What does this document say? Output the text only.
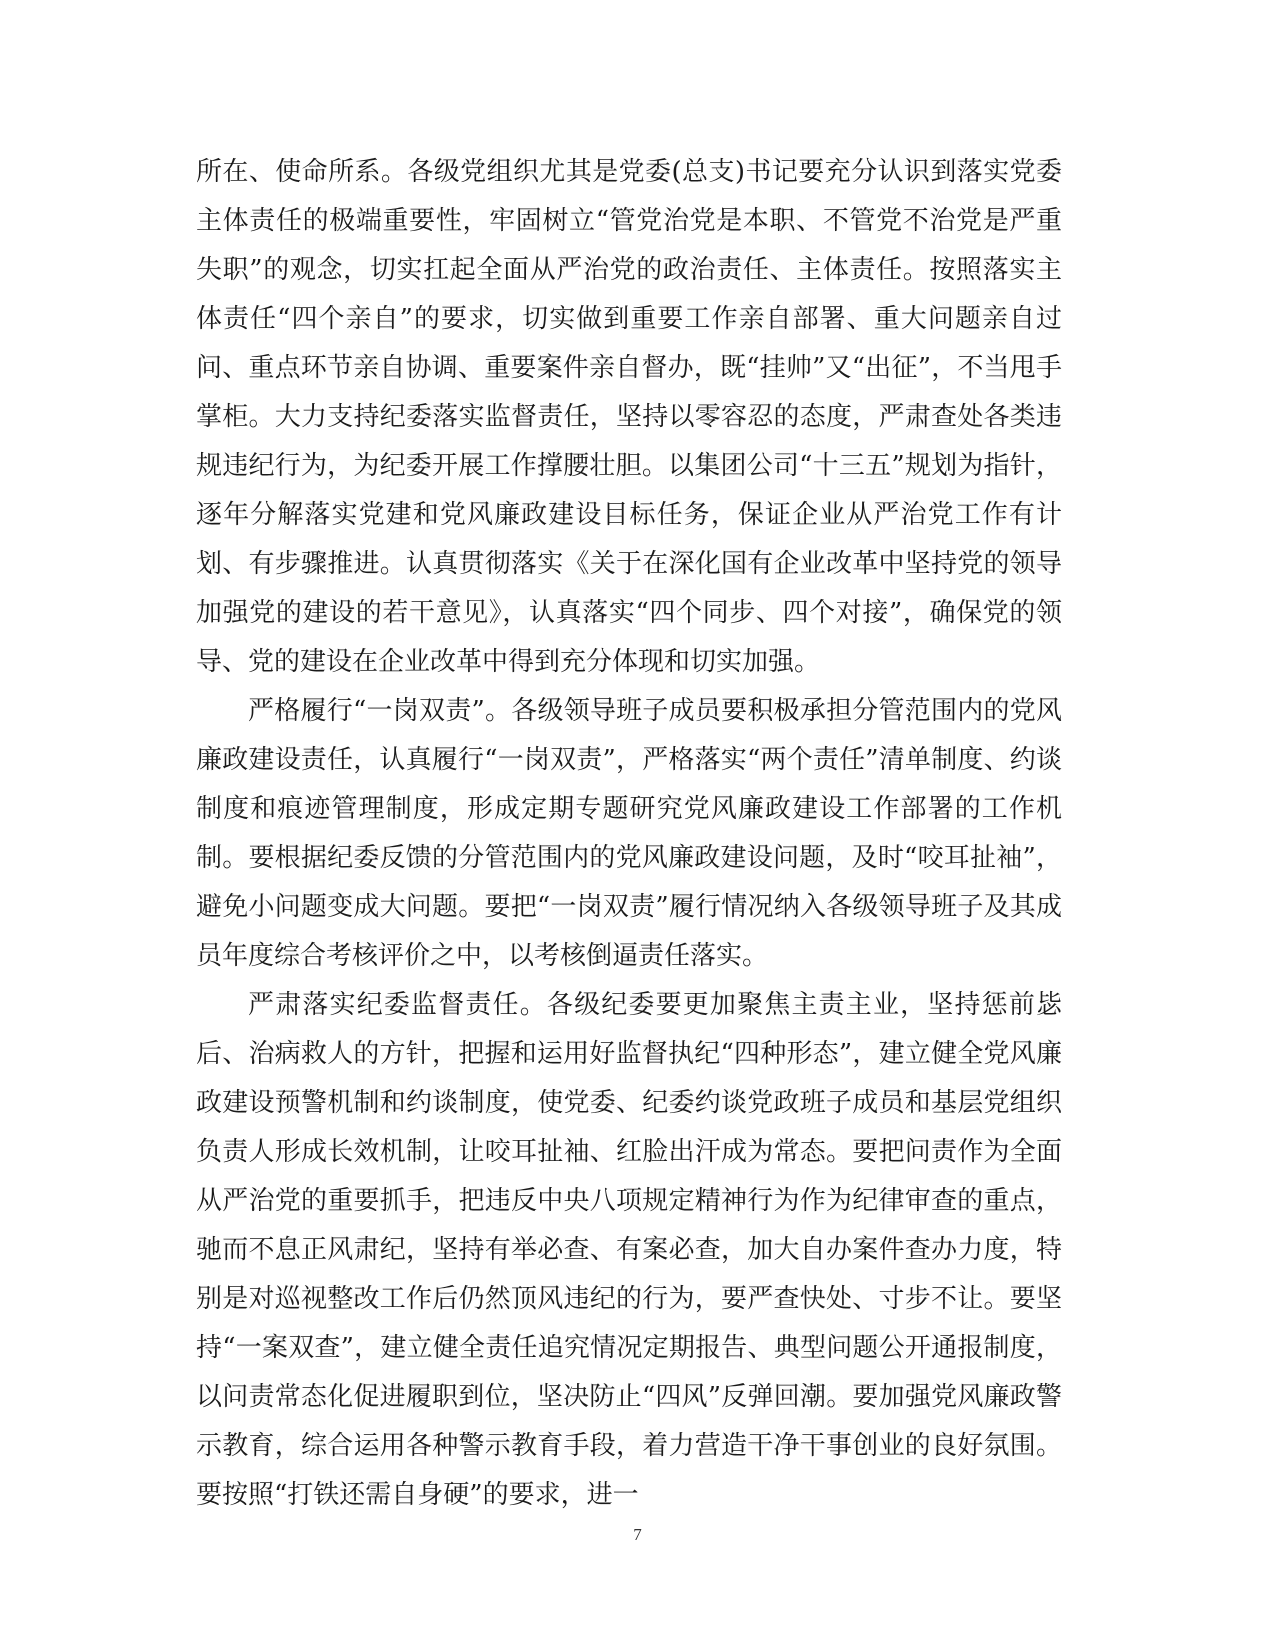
所在、使命所系。各级党组织尤其是党委(总支)书记要充分认识到落实党委主体责任的极端重要性，牢固树立“管党治党是本职、不管党不治党是严重失职”的观念，切实扛起全面从严治党的政治责任、主体责任。按照落实主体责任“四个亲自”的要求，切实做到重要工作亲自部署、重大问题亲自过问、重点环节亲自协调、重要案件亲自督办，既“挂帅”又“出征”，不当甩手掌柜。大力支持纪委落实监督责任，坚持以零容忍的态度，严肃查处各类违规违纪行为，为纪委开展工作撑腰壮胆。以集团公司“十三五”规划为指针，逐年分解落实党建和党风廉政建设目标任务，保证企业从严治党工作有计划、有步骤推进。认真贯彻落实《关于在深化国有企业改革中坚持党的领导加强党的建设的若干意见》，认真落实“四个同步、四个对接”，确保党的领导、党的建设在企业改革中得到充分体现和切实加强。

严格履行“一岗双责”。各级领导班子成员要积极承担分管范围内的党风廉政建设责任，认真履行“一岗双责”，严格落实“两个责任”清单制度、约谈制度和痕迹管理制度，形成定期专题研究党风廉政建设工作部署的工作机制。要根据纪委反馈的分管范围内的党风廉政建设问题，及时“咬耳扯袖”，避免小问题变成大问题。要把“一岗双责”履行情况纳入各级领导班子及其成员年度综合考核评价之中，以考核倒逼责任落实。

严肃落实纪委监督责任。各级纪委要更加聚焦主责主业，坚持惩前毖后、治病救人的方针，把握和运用好监督执纪“四种形态”，建立健全党风廉政建设预警机制和约谈制度，使党委、纪委约谈党政班子成员和基层党组织负责人形成长效机制，让咬耳扯袖、红脸出汗成为常态。要把问责作为全面从严治党的重要抓手，把违反中央八项规定精神行为作为纪律审查的重点，驰而不息正风肃纪，坚持有举必查、有案必查，加大自办案件查办力度，特别是对巡视整改工作后仍然顶风违纪的行为，要严查快处、寸步不让。要坚持“一案双查”，建立健全责任追究情况定期报告、典型问题公开通报制度，以问责常态化促进履职到位，坚决防止“四风”反弹回潮。要加强党风廉政警示教育，综合运用各种警示教育手段，着力营造干净干事创业的良好氛围。要按照“打铁还需自身硬”的要求，进一

7
